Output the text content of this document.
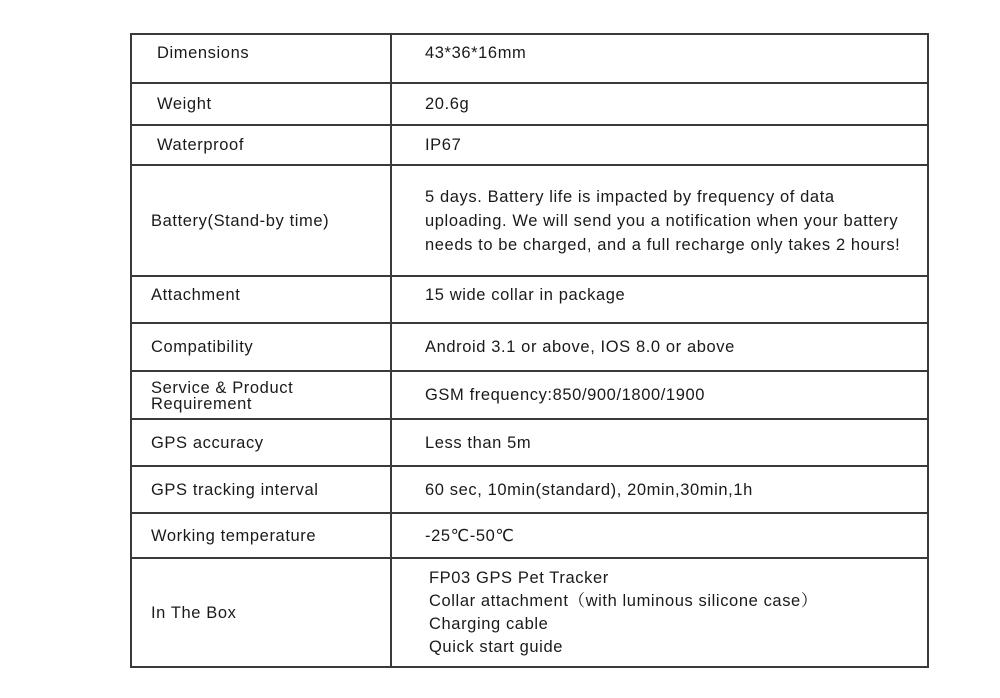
Dimensions	43*36*16mm
Weight	20.6g
Waterproof	IP67
Battery(Stand-by time)	5 days. Battery life is impacted by frequency of data uploading. We will send you a notification when your battery needs to be charged, and a full recharge only takes 2 hours!
Attachment	15 wide collar in package
Compatibility	Android 3.1 or above, IOS 8.0 or above
Service & Product Requirement	GSM frequency:850/900/1800/1900
GPS accuracy	Less than 5m
GPS tracking interval	60 sec, 10min(standard), 20min,30min,1h
Working temperature	-25℃-50℃
In The Box	FP03 GPS Pet Tracker
Collar attachment（with luminous silicone case）
Charging cable
Quick start guide
